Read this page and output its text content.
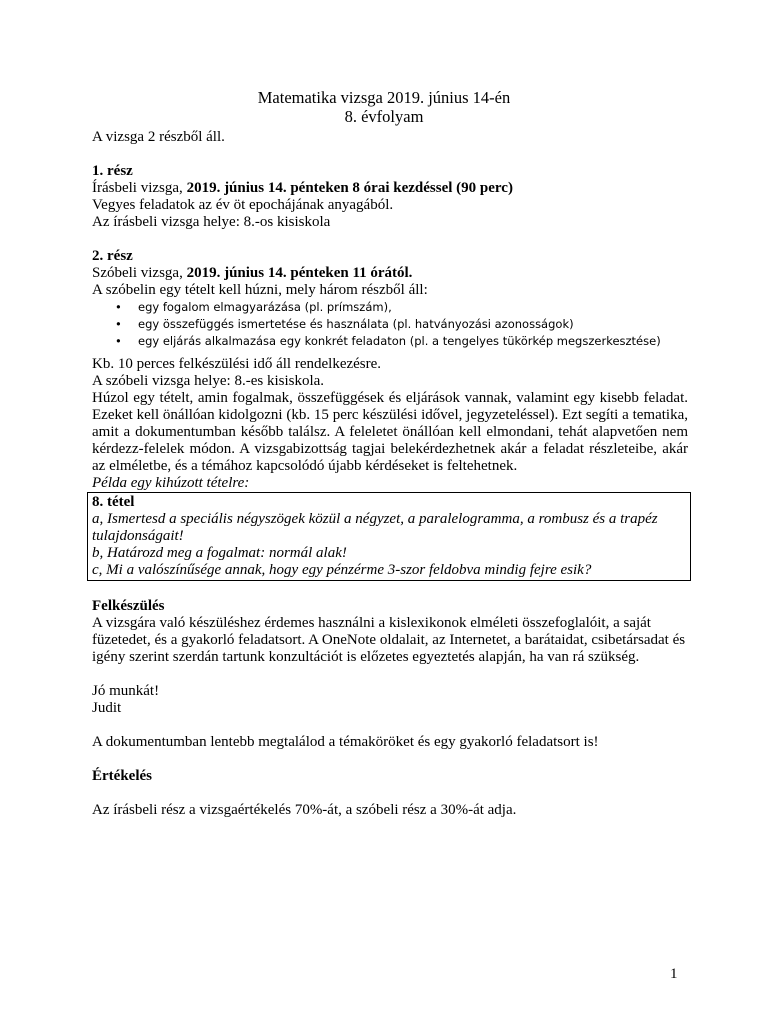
Matematika vizsga 2019. június 14-én
8. évfolyam
A vizsga 2 részből áll.
1. rész
Írásbeli vizsga, 2019. június 14. pénteken 8 órai kezdéssel (90 perc)
Vegyes feladatok az év öt epochájának anyagából.
Az írásbeli vizsga helye: 8.-os kisiskola
2. rész
Szóbeli vizsga, 2019. június 14. pénteken 11 órától.
A szóbelin egy tételt kell húzni, mely három részből áll:
• egy fogalom elmagyarázása (pl. prímszám),
• egy összefüggés ismertetése és használata (pl. hatványozási azonosságok)
• egy eljárás alkalmazása egy konkrét feladaton (pl. a tengelyes tükörkép megszerkesztése)
Kb. 10 perces felkészülési idő áll rendelkezésre.
A szóbeli vizsga helye: 8.-es kisiskola.
Húzol egy tételt, amin fogalmak, összefüggések és eljárások vannak, valamint egy kisebb feladat. Ezeket kell önállóan kidolgozni (kb. 15 perc készülési idővel, jegyzeteléssel). Ezt segíti a tematika, amit a dokumentumban később találsz. A feleletet önállóan kell elmondani, tehát alapvetően nem kérdezz-felelek módon. A vizsgabizottság tagjai belekérdezhetnek akár a feladat részleteibe, akár az elméletbe, és a témához kapcsolódó újabb kérdéseket is feltehetnek.
Példa egy kihúzott tételre:
8. tétel
a, Ismertesd a speciális négyszögek közül a négyzet, a paralelogramma, a rombusz és a trapéz tulajdonságait!
b, Határozd meg a fogalmat: normál alak!
c, Mi a valószínűsége annak, hogy egy pénzérme 3-szor feldobva mindig fejre esik?
Felkészülés
A vizsgára való készüléshez érdemes használni a kislexikonok elméleti összefoglalóit, a saját füzetedet, és a gyakorló feladatsort. A OneNote oldalait, az Internetet, a barátaidat, csibetársadat és igény szerint szerdán tartunk konzultációt is előzetes egyeztetés alapján, ha van rá szükség.
Jó munkát!
Judit
A dokumentumban lentebb megtalálod a témaköröket és egy gyakorló feladatsort is!
Értékelés
Az írásbeli rész a vizsgaértékelés 70%-át, a szóbeli rész a 30%-át adja.
1
